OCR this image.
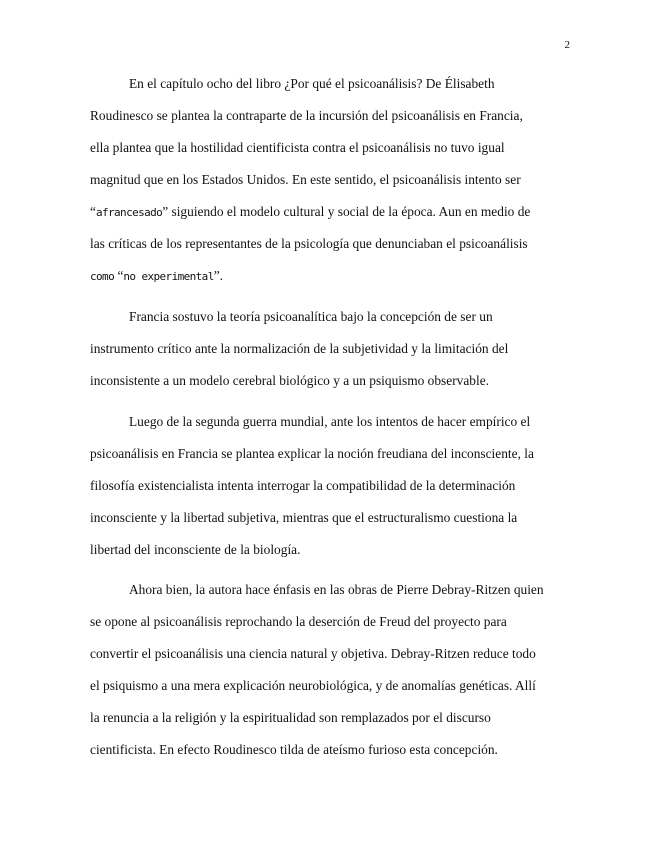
2
En el capítulo ocho del libro ¿Por qué el psicoanálisis? De Élisabeth
Roudinesco se plantea la contraparte de la incursión del psicoanálisis en Francia,
ella plantea que la hostilidad cientificista contra el psicoanálisis no tuvo igual
magnitud que en los Estados Unidos. En este sentido, el psicoanálisis intento ser
“afrancesado” siguiendo el modelo cultural y social de la época. Aun en medio de
las críticas de los representantes de la psicología que denunciaban el psicoanálisis
como “no experimental”.
Francia sostuvo la teoría psicoanalítica bajo la concepción de ser un
instrumento crítico ante la normalización de la subjetividad y la limitación del
inconsistente a un modelo cerebral biológico y a un psiquismo observable.
Luego de la segunda guerra mundial, ante los intentos de hacer empírico el
psicoanálisis en Francia se plantea explicar la noción freudiana del inconsciente, la
filosofía existencialista intenta interrogar la compatibilidad de la determinación
inconsciente y la libertad subjetiva, mientras que el estructuralismo cuestiona la
libertad del inconsciente de la biología.
Ahora bien, la autora hace énfasis en las obras de Pierre Debray-Ritzen quien
se opone al psicoanálisis reprochando la deserción de Freud del proyecto para
convertir el psicoanálisis una ciencia natural y objetiva. Debray-Ritzen reduce todo
el psiquismo a una mera explicación neurobiológica, y de anomalías genéticas. Allí
la renuncia a la religión y la espiritualidad son remplazados por el discurso
cientificista. En efecto Roudinesco tilda de ateísmo furioso esta concepción.
